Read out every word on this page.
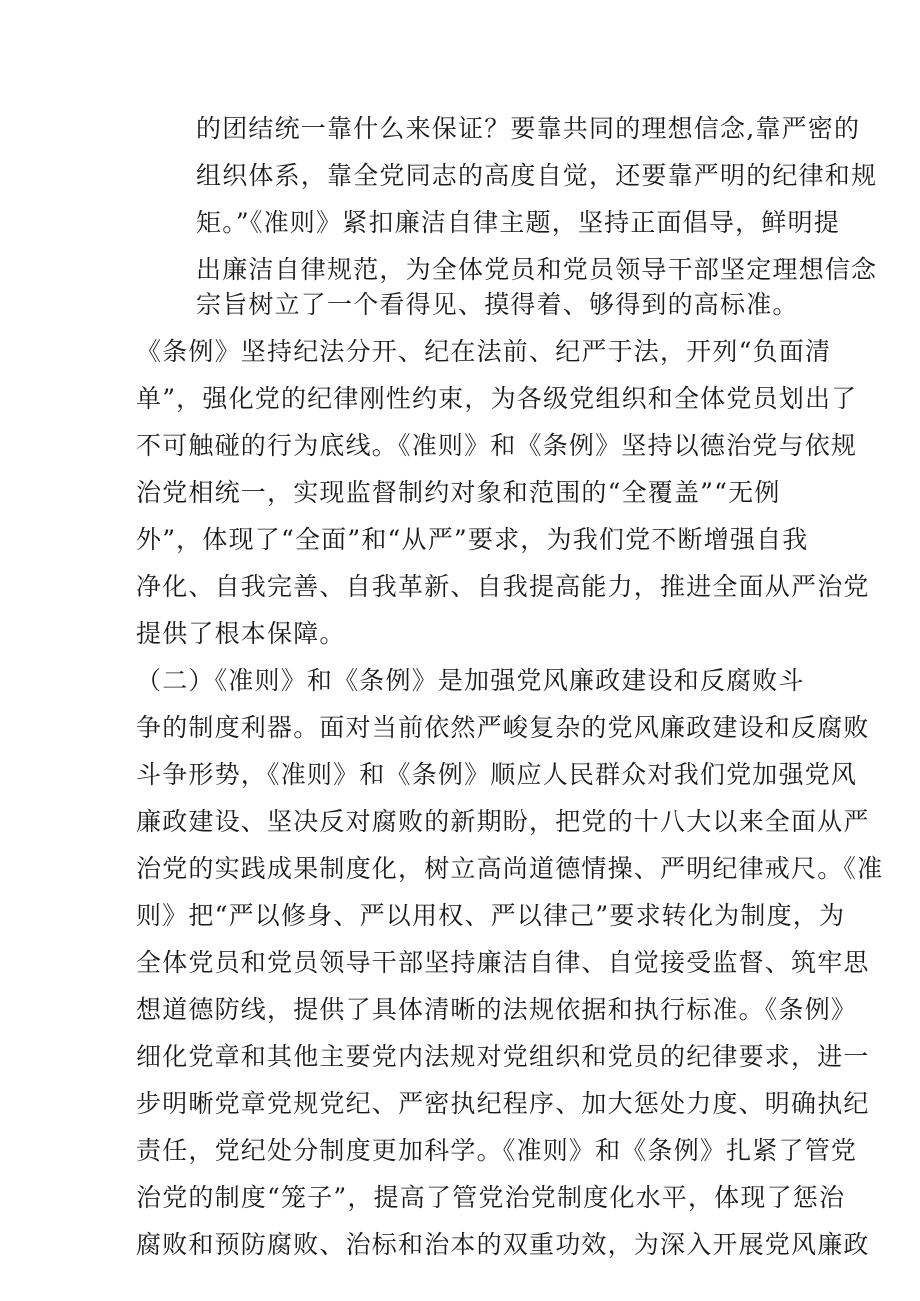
的团结统一靠什么来保证？要靠共同的理想信念,靠严密的

组织体系，靠全党同志的高度自觉，还要靠严明的纪律和规

矩。”《准则》紧扣廉洁自律主题，坚持正面倡导，鲜明提

出廉洁自律规范，为全体党员和党员领导干部坚定理想信念

宗旨树立了一个看得见、摸得着、够得到的高标准。

《条例》坚持纪法分开、纪在法前、纪严于法，开列“负面清

单”，强化党的纪律刚性约束，为各级党组织和全体党员划出了

不可触碰的行为底线。《准则》和《条例》坚持以德治党与依规

治党相统一，实现监督制约对象和范围的“全覆盖”“无例

外”，体现了“全面”和“从严”要求，为我们党不断增强自我

净化、自我完善、自我革新、自我提高能力，推进全面从严治党

提供了根本保障。

（二）《准则》和《条例》是加强党风廉政建设和反腐败斗

争的制度利器。面对当前依然严峻复杂的党风廉政建设和反腐败

斗争形势，《准则》和《条例》顺应人民群众对我们党加强党风

廉政建设、坚决反对腐败的新期盼，把党的十八大以来全面从严

治党的实践成果制度化，树立高尚道德情操、严明纪律戒尺。《准

则》把“严以修身、严以用权、严以律己”要求转化为制度，为

全体党员和党员领导干部坚持廉洁自律、自觉接受监督、筑牢思

想道德防线，提供了具体清晰的法规依据和执行标准。《条例》

细化党章和其他主要党内法规对党组织和党员的纪律要求，进一

步明晰党章党规党纪、严密执纪程序、加大惩处力度、明确执纪

责任，党纪处分制度更加科学。《准则》和《条例》扎紧了管党

治党的制度“笼子”，提高了管党治党制度化水平，体现了惩治

腐败和预防腐败、治标和治本的双重功效，为深入开展党风廉政
